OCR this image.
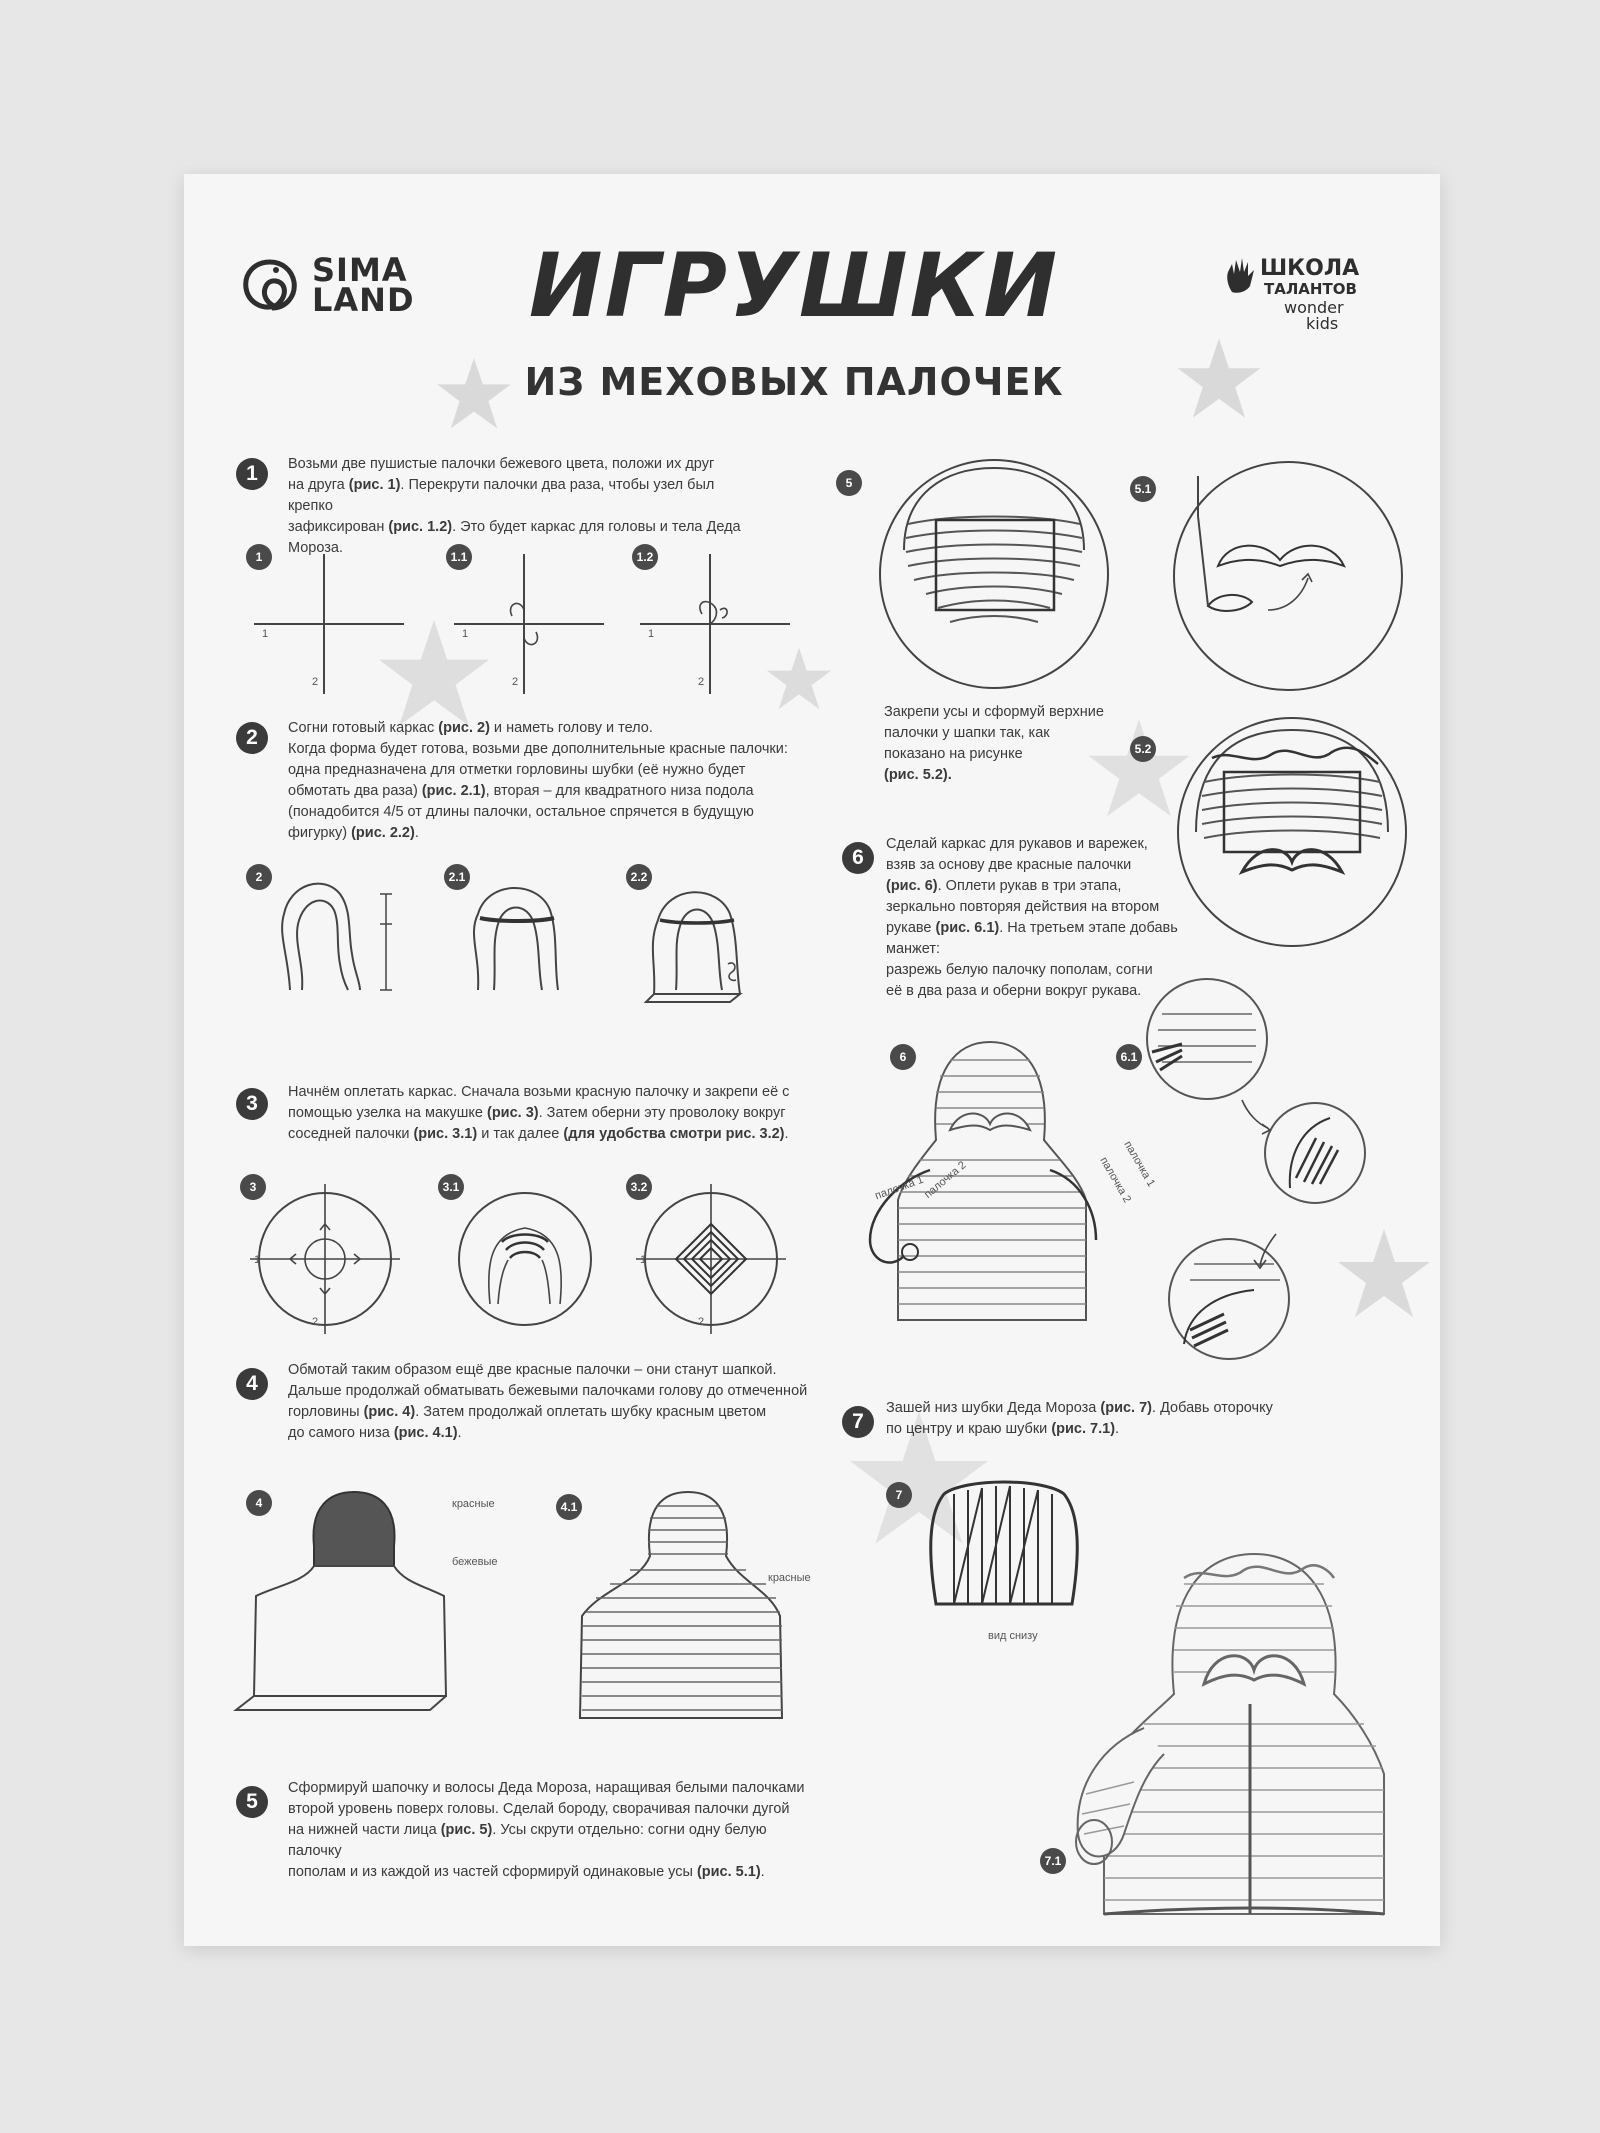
SIMA
LAND ИГРУШКИ
ИЗ МЕХОВЫХ ПАЛОЧЕК
ШКОЛА
ТАЛАНТОВ
wonder
kids
1	Возьми две пушистые палочки бежевого цвета, положи их друг
на друга (рис. 1). Перекрути палочки два раза, чтобы узел был крепко
зафиксирован (рис. 1.2). Это будет каркас для головы и тела Деда Мороза.
1
1
2
1.1
1
2
1.2
1
2
2	Согни готовый каркас (рис. 2) и наметь голову и тело.
Когда форма будет готова, возьми две дополнительные красные палочки:
одна предназначена для отметки горловины шубки (её нужно будет
обмотать два раза) (рис. 2.1), вторая – для квадратного низа подола
(понадобится 4/5 от длины палочки, остальное спрячется в будущую
фигурку) (рис. 2.2).
2	2.1	2.2
3	Начнём оплетать каркас. Сначала возьми красную палочку и закрепи её с
помощью узелка на макушке (рис. 3). Затем оберни эту проволоку вокруг
соседней палочки (рис. 3.1) и так далее (для удобства смотри рис. 3.2).
3
1
2
3.1	3.2
1
2
4
Обмотай таким образом ещё две красные палочки – они станут шапкой.
Дальше продолжай обматывать бежевыми палочками голову до отмеченной
горловины (рис. 4). Затем продолжай оплетать шубку красным цветом
до самого низа (рис. 4.1).
4	красные
бежевые
4.1
красные
5
Сформируй шапочку и волосы Деда Мороза, наращивая белыми палочками
второй уровень поверх головы. Сделай бороду, сворачивая палочки дугой
на нижней части лица (рис. 5). Усы скрути отдельно: согни одну белую палочку
пополам и из каждой из частей сформируй одинаковые усы (рис. 5.1).
5	5.1
Закрепи усы и сформуй верхние
палочки у шапки так, как
показано на рисунке
(рис. 5.2).
5.2
6
Сделай каркас для рукавов и варежек,
взяв за основу две красные палочки
(рис. 6). Оплети рукав в три этапа,
зеркально повторяя действия на втором
рукаве (рис. 6.1). На третьем этапе добавь манжет:
разрежь белую палочку пополам, согни
её в два раза и оберни вокруг рукава.
6
палочка 1
палочка 2	палочка 1
палочка 2
6.1
7
Зашей низ шубки Деда Мороза (рис. 7). Добавь оторочку
по центру и краю шубки (рис. 7.1).
7
вид снизу
7.1
